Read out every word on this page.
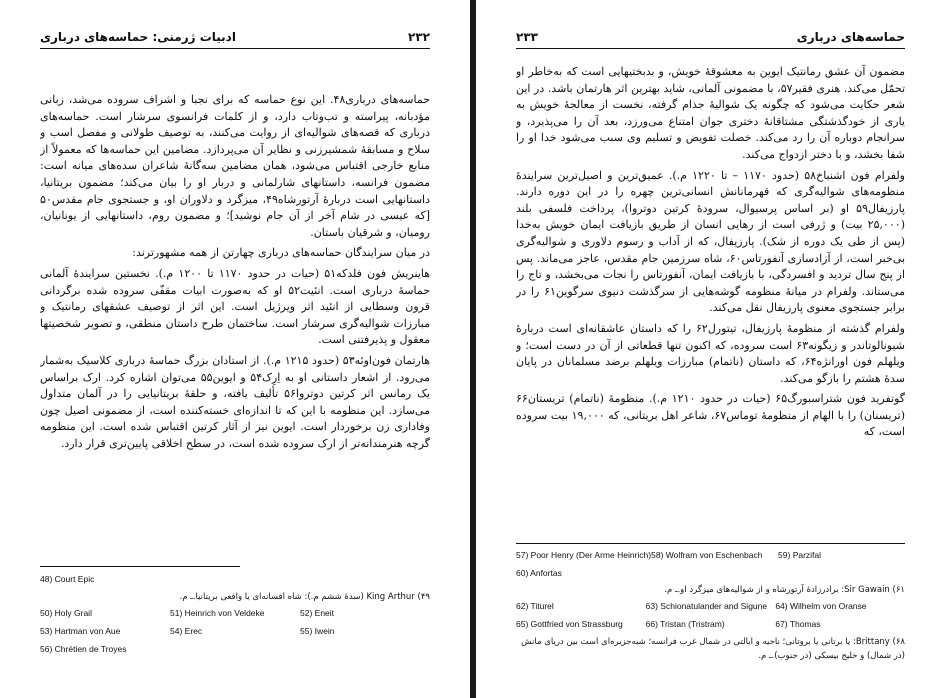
۲۳۲
ادبیات ژرمنی: حماسه‌های درباری

حماسه‌های درباری۴۸. این نوع حماسه که برای نجبا و اشراف سروده می‌شد، زبانی مؤدبانه، پیراسته و تب‌وتاب دارد، و از کلمات فرانسوی سرشار است. حماسه‌های درباری که قصه‌های شوالیه‌ای از روایت می‌کنند، به توصیف طولانی و مفصل اسب و سلاح و مسابقهٔ شمشیرزنی و نظایر آن می‌پردازد. مضامین این حماسه‌ها که معمولاً از منابع خارجی اقتباس می‌شود، همان مضامین سه‌گانهٔ شاعران سده‌های میانه است: مضمون فرانسه، داستانهای شارلمانی و دربار او را بیان می‌کند؛ مضمون بریتانیا، داستانهایی است دربارهٔ آرتورشاه۴۹، میزگرد و دلاوران او، و جستجوی جام مقدس۵۰ [که عیسی در شام آخر از آن جام نوشید]؛ و مضمون روم، داستانهایی از یونانیان، رومیان، و شرقیان باستان.

در میان سرایندگان حماسه‌های درباری چهارتن از همه مشهورترند:

هاینریش فون فلدکه۵۱ (حیات در حدود ۱۱۷۰ تا ۱۲۰۰ م.). نخستین سرایندهٔ آلمانی حماسهٔ درباری است. انئیت۵۲ او که به‌صورت ابیات مقفّی سروده شده برگردانی قرون وسطایی از انئید اثر ویرژیل است. این اثر از توصیف عشقهای رمانتیک و مبارزات شوالیه‌گری سرشار است. ساختمان طرح داستان منطقی، و تصویر شخصیتها معقول و پذیرفتنی است.

هارتمان فون‌اوئه۵۳ (حدود ۱۲۱۵ م.). از استادان بزرگ حماسهٔ درباری کلاسیک به‌شمار می‌رود. از اشعار داستانی او به اِرِک۵۴ و ایوین۵۵ می‌توان اشاره کرد. ارک براساس یک رمانس اثر کرتین دوتروا۵۶ تألیف یافته، و حلقهٔ بریتانیایی را در آلمان متداول می‌سازد. این منظومه با این که تا اندازه‌ای خسته‌کننده است، از مضمونی اصیل چون وفاداری زن برخوردار است. ایوین نیز از آثار کرتین اقتباس شده است. این منظومه گرچه هنرمندانه‌تر از ارک سروده شده است، در سطح اخلاقی پایین‌تری قرار دارد.

48) Court Epic
۴۹) King Arthur (سدهٔ ششم م.): شاه افسانه‌ای یا واقعی بریتانیا.ـ م.
50) Holy Grail	51) Heinrich von Veldeke	52) Eneit
53) Hartman von Aue	54) Erec	55) Iwein
56) Chrétien de Troyes
۲۳۳	حماسه‌های درباری

مضمون آن عشق رمانتیک ایوین به معشوقهٔ خویش، و بدبختیهایی است که به‌خاطر او تحمّل می‌کند. هنری فقیر۵۷، با مضمونی آلمانی، شاید بهترین اثر هارتمان باشد. در این شعر حکایت می‌شود که چگونه یک شوالیهٔ جذام گرفته، نخست از معالجهٔ خویش به یاری از خودگذشتگی مشتاقانهٔ دختری جوان امتناع می‌ورزد، بعد آن را می‌پذیرد، و سرانجام دوباره آن را رد می‌کند. خصلت تفویض و تسلیم وی سبب می‌شود خدا او را شفا بخشد، و با دختر ازدواج می‌کند.

ولفرام فون اشنباخ۵۸ (حدود ۱۱۷۰ – تا ۱۲۲۰ م.). عمیق‌ترین و اصیل‌ترین سرایندهٔ منظومه‌های شوالیه‌گری که قهرمانانش انسانی‌ترین چهره را در این دوره دارند. پارزیفال۵۹ او (بر اساس پرسیوال، سرودهٔ کرتین دوتروا)، پرداخت فلسفی بلند (۲۵,۰۰۰ بیت) و ژرفی است از رهایی انسان از طریق بازیافت ایمان خویش به‌خدا (پس از طی یک دوره از شک). پارزیفال، که از آداب و رسوم دلاوری و شوالیه‌گری بی‌خبر است، از آزادسازی آنفورتاس۶۰، شاه سرزمین جام مقدس، عاجز می‌ماند. پس از پنج سال تردید و افسردگی، با بازیافت ایمان، آنفورتاس را نجات می‌بخشد، و تاج را می‌ستاند. ولفرام در میانهٔ منظومه گوشه‌هایی از سرگذشت دنیوی سرگوین۶۱ را در برابر جستجوی معنوی پارزیفال نقل می‌کند.

ولفرام گذشته از منظومهٔ پارزیفال، تیتورل۶۲ را که داستان عاشقانه‌ای است دربارهٔ شیونالوتاندر و زیگونه۶۳ است سروده، که اکنون تنها قطعاتی از آن در دست است؛ و ویلهلم فون اورانژه۶۴، که داستان (ناتمام) مبارزات ویلهلم برضد مسلمانان در پایان سدهٔ هشتم را بازگو می‌کند.

گوتفرید فون شتراسبورگ۶۵ (حیات در حدود ۱۲۱۰ م.). منظومهٔ (ناتمام) تریستان۶۶ (تریسنان) را با الهام از منظومهٔ توماس۶۷، شاعر اهل بریتانی، که ۱۹,۰۰۰ بیت سروده است، که

57) Poor Henry (Der Arme Heinrich) 58) Wolfram von Eschenbach	59) Parzifal
60) Anfortas
۶۱) Sir Gawain: برادرزادهٔ آرتورشاه و از شوالیه‌های میزگرد او.ـ م.
62) Titurel	63) Schionatulander and Sigune 64) Wilhelm von Oranse
65) Gottfried von Strassburg	66) Tristan (Tristram)	67) Thomas
۶۸) Brittany: یا برتانی یا بروتانی؛ ناحیه و ایالتی در شمال غرب فرانسه؛ شبه‌جزیره‌ای است بین دریای مانش (در شمال) و خلیج بیسکی (در جنوب).ـ م.
